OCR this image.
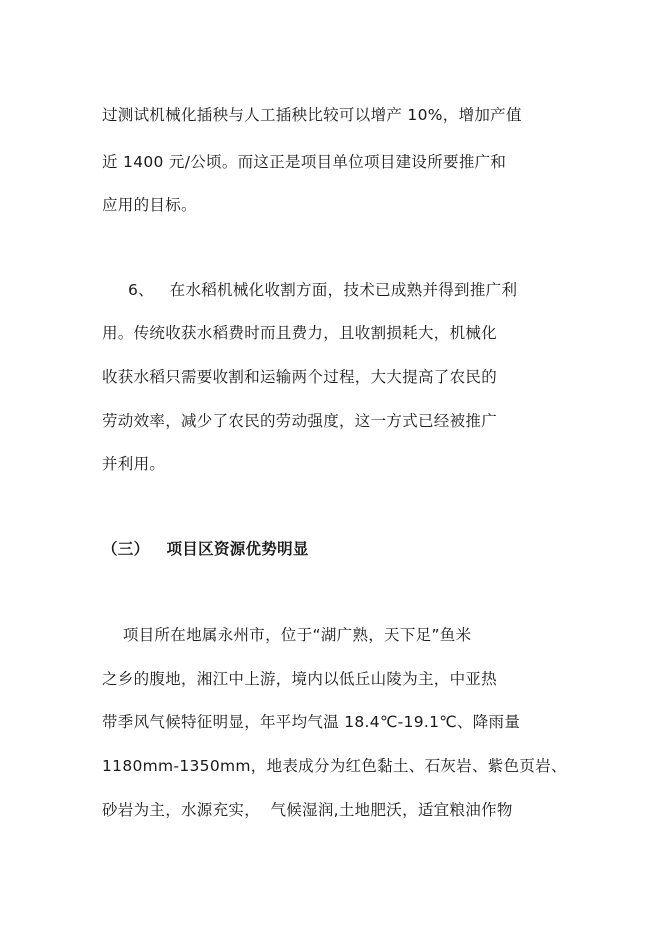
过测试机械化插秧与人工插秧比较可以增产 10%，增加产值
近 1400 元/公顷。而这正是项目单位项目建设所要推广和
应用的目标。
6、   在水稻机械化收割方面，技术已成熟并得到推广利
用。传统收获水稻费时而且费力，且收割损耗大，机械化
收获水稻只需要收割和运输两个过程，大大提高了农民的
劳动效率，减少了农民的劳动强度，这一方式已经被推广
并利用。
（三）   项目区资源优势明显
项目所在地属永州市，位于“湖广熟，天下足”鱼米
之乡的腹地，湘江中上游，境内以低丘山陵为主，中亚热
带季风气候特征明显，年平均气温 18.4℃-19.1℃、降雨量
1180mm-1350mm，地表成分为红色黏土、石灰岩、紫色页岩、
砂岩为主，水源充实，  气候湿润,土地肥沃，适宜粮油作物
